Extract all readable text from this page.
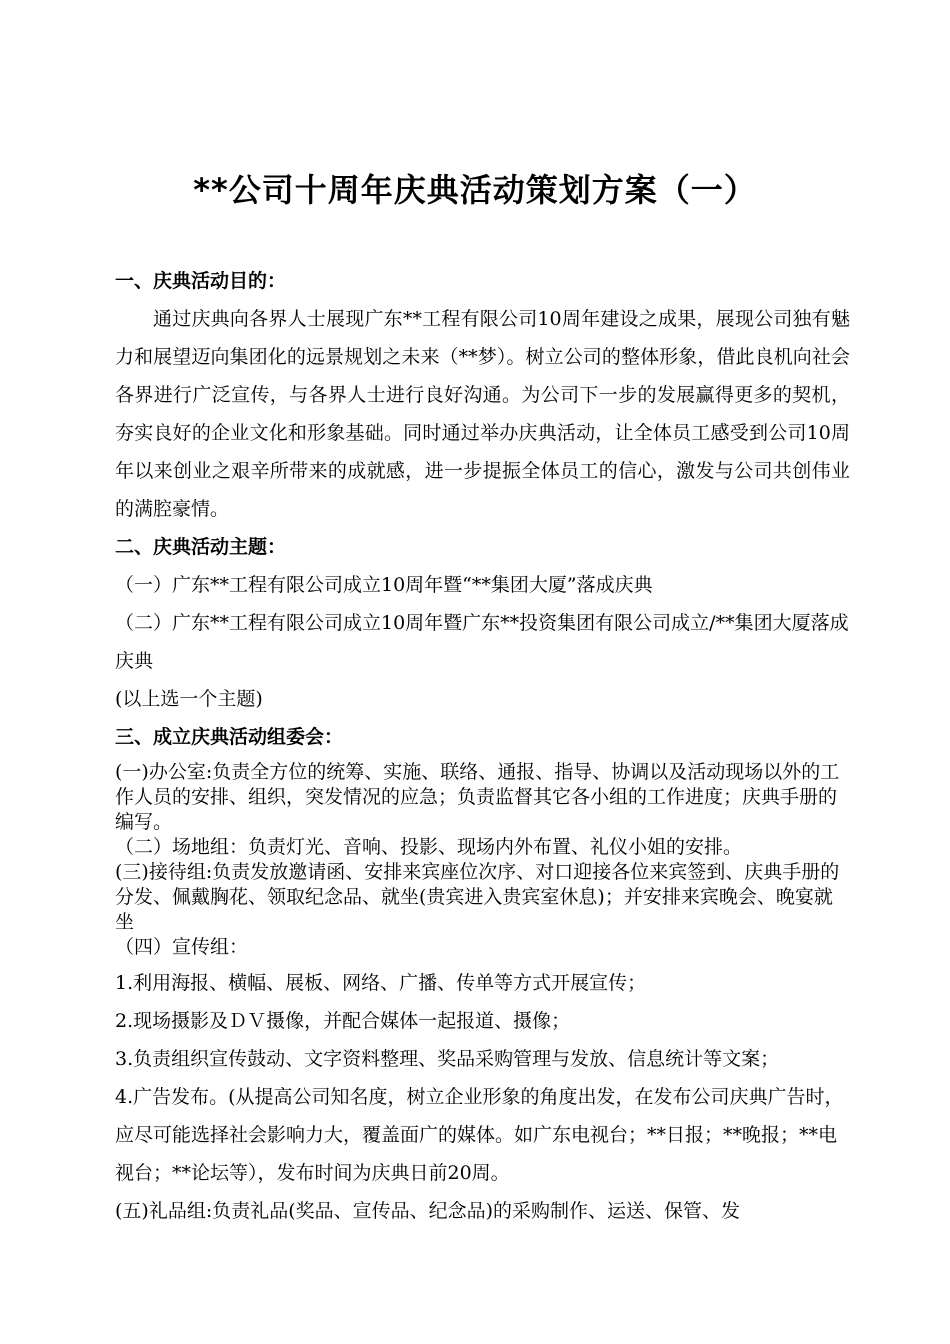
**公司十周年庆典活动策划方案（一）
一、庆典活动目的：
通过庆典向各界人士展现广东**工程有限公司10周年建设之成果，展现公司独有魅力和展望迈向集团化的远景规划之未来（**梦）。树立公司的整体形象，借此良机向社会各界进行广泛宣传，与各界人士进行良好沟通。为公司下一步的发展赢得更多的契机，夯实良好的企业文化和形象基础。同时通过举办庆典活动，让全体员工感受到公司10周年以来创业之艰辛所带来的成就感，进一步提振全体员工的信心，激发与公司共创伟业的满腔豪情。
二、庆典活动主题：
（一）广东**工程有限公司成立10周年暨“**集团大厦”落成庆典
（二）广东**工程有限公司成立10周年暨广东**投资集团有限公司成立/**集团大厦落成庆典
(以上选一个主题)
三、成立庆典活动组委会：
(一)办公室:负责全方位的统筹、实施、联络、通报、指导、协调以及活动现场以外的工作人员的安排、组织，突发情况的应急；负责监督其它各小组的工作进度；庆典手册的编写。
（二）场地组：负责灯光、音响、投影、现场内外布置、礼仪小姐的安排。
(三)接待组:负责发放邀请函、安排来宾座位次序、对口迎接各位来宾签到、庆典手册的分发、佩戴胸花、领取纪念品、就坐(贵宾进入贵宾室休息)；并安排来宾晚会、晚宴就坐
（四）宣传组：
1.利用海报、横幅、展板、网络、广播、传单等方式开展宣传；
2.现场摄影及ＤＶ摄像，并配合媒体一起报道、摄像；
3.负责组织宣传鼓动、文字资料整理、奖品采购管理与发放、信息统计等文案；
4.广告发布。(从提高公司知名度，树立企业形象的角度出发，在发布公司庆典广告时，应尽可能选择社会影响力大，覆盖面广的媒体。如广东电视台；**日报；**晚报；**电视台；**论坛等），发布时间为庆典日前20周。
(五)礼品组:负责礼品(奖品、宣传品、纪念品)的采购制作、运送、保管、发
